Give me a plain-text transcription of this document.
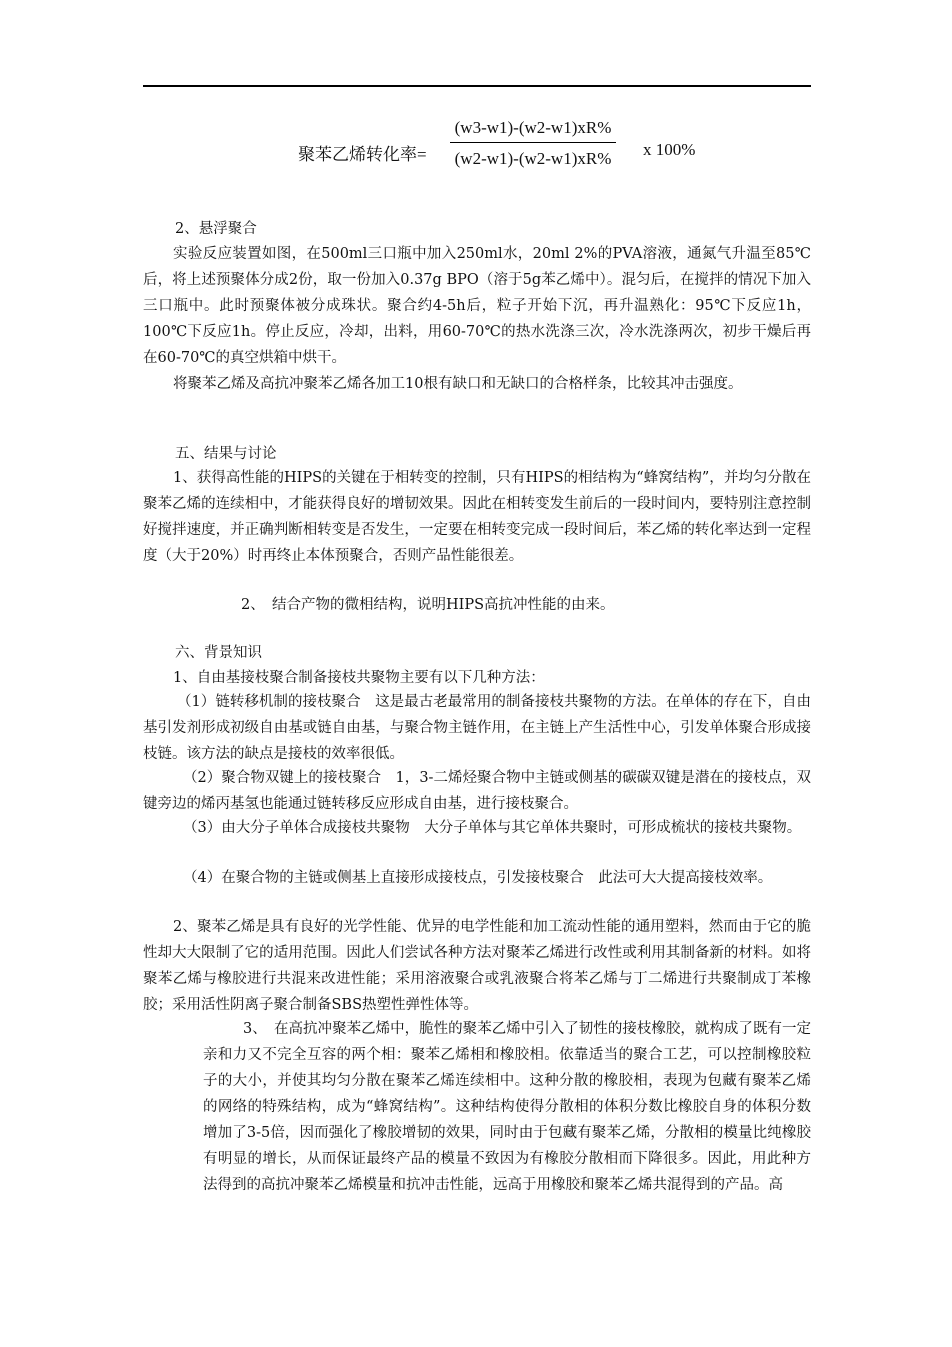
聚苯乙烯转化率=
(w3-w1)-(w2-w1)xR%
(w2-w1)-(w2-w1)xR%	x 100%

2、悬浮聚合

实验反应装置如图，在500ml三口瓶中加入250ml水，20ml 2%的PVA溶液，通氮气升温至85℃后，将上述预聚体分成2份，取一份加入0.37g BPO（溶于5g苯乙烯中）。混匀后，在搅拌的情况下加入三口瓶中。此时预聚体被分成珠状。聚合约4-5h后，粒子开始下沉，再升温熟化：95℃下反应1h，100℃下反应1h。停止反应，冷却，出料，用60-70℃的热水洗涤三次，冷水洗涤两次，初步干燥后再在60-70℃的真空烘箱中烘干。

将聚苯乙烯及高抗冲聚苯乙烯各加工10根有缺口和无缺口的合格样条，比较其冲击强度。

五、结果与讨论

1、获得高性能的HIPS的关键在于相转变的控制，只有HIPS的相结构为“蜂窝结构”，并均匀分散在聚苯乙烯的连续相中，才能获得良好的增韧效果。因此在相转变发生前后的一段时间内，要特别注意控制好搅拌速度，并正确判断相转变是否发生，一定要在相转变完成一段时间后，苯乙烯的转化率达到一定程度（大于20%）时再终止本体预聚合，否则产品性能很差。

2、　结合产物的微相结构，说明HIPS高抗冲性能的由来。

六、背景知识

1、自由基接枝聚合制备接枝共聚物主要有以下几种方法：

（1）链转移机制的接枝聚合　这是最古老最常用的制备接枝共聚物的方法。在单体的存在下，自由基引发剂形成初级自由基或链自由基，与聚合物主链作用，在主链上产生活性中心，引发单体聚合形成接枝链。该方法的缺点是接枝的效率很低。

（2）聚合物双键上的接枝聚合　1，3-二烯烃聚合物中主链或侧基的碳碳双键是潜在的接枝点，双键旁边的烯丙基氢也能通过链转移反应形成自由基，进行接枝聚合。

（3）由大分子单体合成接枝共聚物　大分子单体与其它单体共聚时，可形成梳状的接枝共聚物。

（4）在聚合物的主链或侧基上直接形成接枝点，引发接枝聚合　此法可大大提高接枝效率。

2、聚苯乙烯是具有良好的光学性能、优异的电学性能和加工流动性能的通用塑料，然而由于它的脆性却大大限制了它的适用范围。因此人们尝试各种方法对聚苯乙烯进行改性或利用其制备新的材料。如将聚苯乙烯与橡胶进行共混来改进性能；采用溶液聚合或乳液聚合将苯乙烯与丁二烯进行共聚制成丁苯橡胶；采用活性阴离子聚合制备SBS热塑性弹性体等。

3、　在高抗冲聚苯乙烯中，脆性的聚苯乙烯中引入了韧性的接枝橡胶，就构成了既有一定亲和力又不完全互容的两个相：聚苯乙烯相和橡胶相。依靠适当的聚合工艺，可以控制橡胶粒子的大小，并使其均匀分散在聚苯乙烯连续相中。这种分散的橡胶相，表现为包藏有聚苯乙烯的网络的特殊结构，成为“蜂窝结构”。这种结构使得分散相的体积分数比橡胶自身的体积分数增加了3-5倍，因而强化了橡胶增韧的效果，同时由于包藏有聚苯乙烯，分散相的模量比纯橡胶有明显的增长，从而保证最终产品的模量不致因为有橡胶分散相而下降很多。因此，用此种方法得到的高抗冲聚苯乙烯模量和抗冲击性能，远高于用橡胶和聚苯乙烯共混得到的产品。高
